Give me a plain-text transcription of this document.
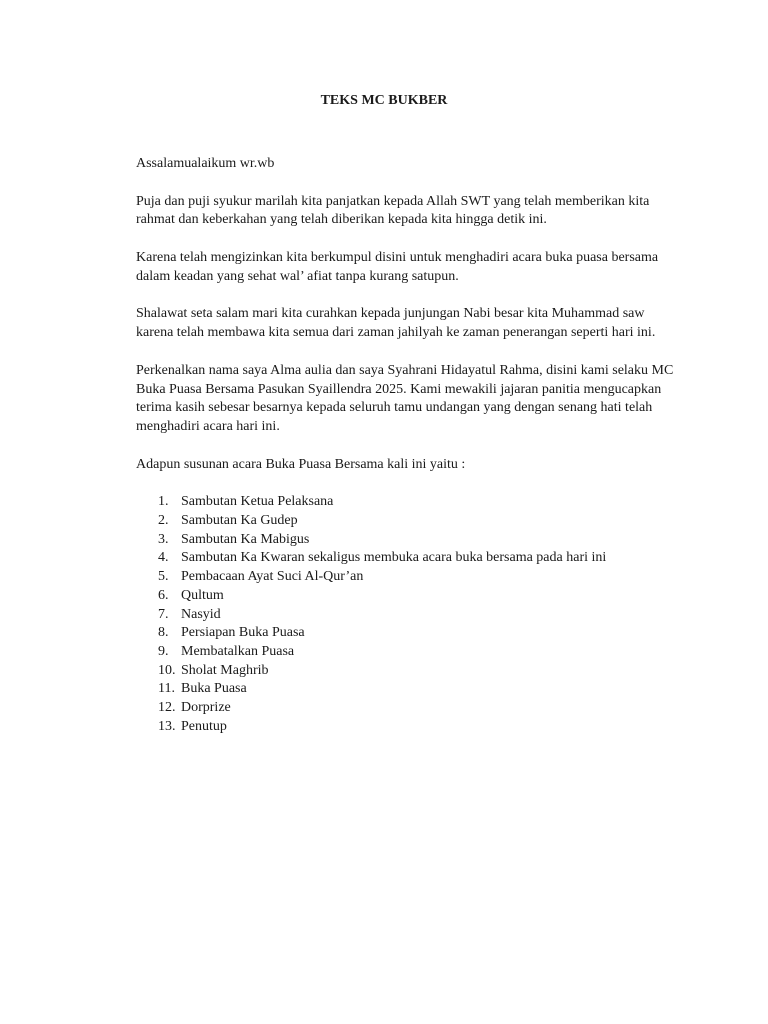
TEKS MC BUKBER

Assalamualaikum wr.wb

Puja dan puji syukur marilah kita panjatkan kepada Allah SWT yang telah memberikan kita rahmat dan keberkahan yang telah diberikan kepada kita hingga detik ini.

Karena telah mengizinkan kita berkumpul disini untuk menghadiri acara buka puasa bersama dalam keadan yang sehat wal’ afiat tanpa kurang satupun.

Shalawat seta salam mari kita curahkan kepada junjungan Nabi besar kita Muhammad saw karena telah membawa kita semua dari zaman jahilyah ke zaman penerangan seperti hari ini.

Perkenalkan nama saya Alma aulia dan saya Syahrani Hidayatul Rahma, disini kami selaku MC Buka Puasa Bersama Pasukan Syaillendra 2025. Kami mewakili jajaran panitia mengucapkan terima kasih sebesar besarnya kepada seluruh tamu undangan yang dengan senang hati telah menghadiri acara hari ini.

Adapun susunan acara Buka Puasa Bersama kali ini yaitu :

1. Sambutan Ketua Pelaksana
2. Sambutan Ka Gudep
3. Sambutan Ka Mabigus
4. Sambutan Ka Kwaran sekaligus membuka acara buka bersama pada hari ini
5. Pembacaan Ayat Suci Al-Qur’an
6. Qultum
7. Nasyid
8. Persiapan Buka Puasa
9. Membatalkan Puasa
10. Sholat Maghrib
11. Buka Puasa
12. Dorprize
13. Penutup
